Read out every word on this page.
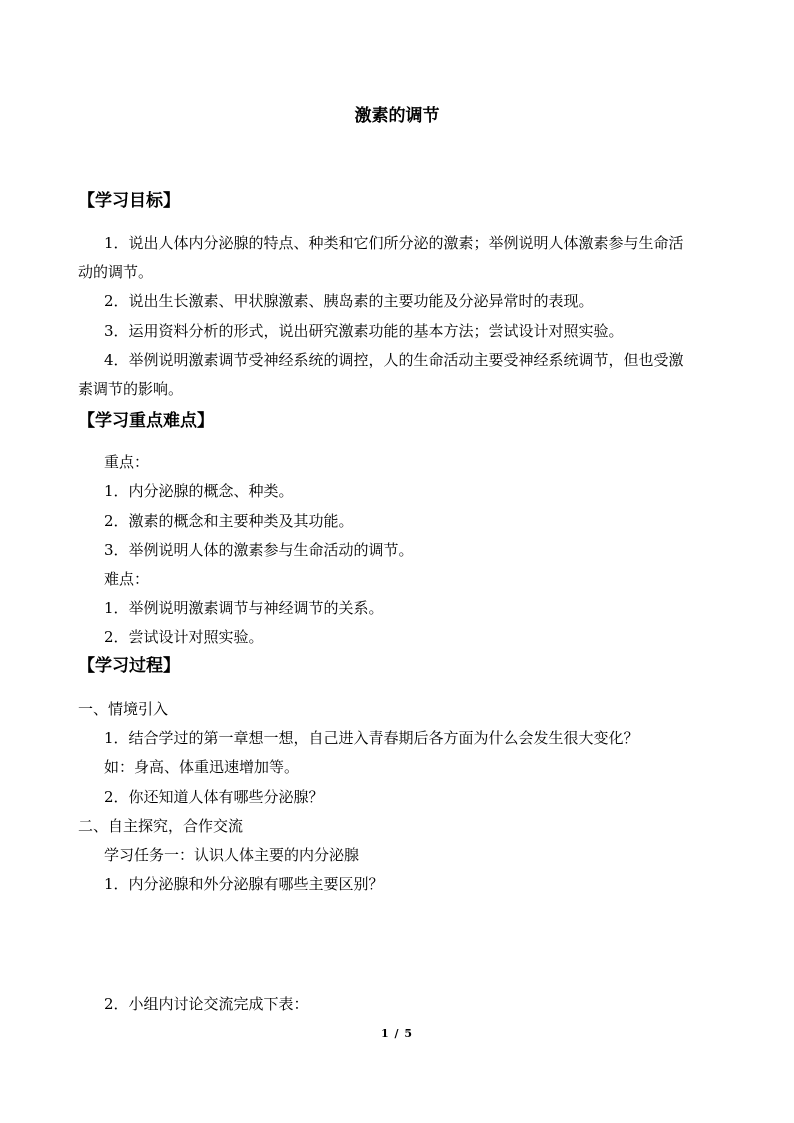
激素的调节
【学习目标】
1．说出人体内分泌腺的特点、种类和它们所分泌的激素；举例说明人体激素参与生命活
动的调节。
2．说出生长激素、甲状腺激素、胰岛素的主要功能及分泌异常时的表现。
3．运用资料分析的形式，说出研究激素功能的基本方法；尝试设计对照实验。
4．举例说明激素调节受神经系统的调控，人的生命活动主要受神经系统调节，但也受激
素调节的影响。
【学习重点难点】
重点：
1．内分泌腺的概念、种类。
2．激素的概念和主要种类及其功能。
3．举例说明人体的激素参与生命活动的调节。
难点：
1．举例说明激素调节与神经调节的关系。
2．尝试设计对照实验。
【学习过程】
一、情境引入
1．结合学过的第一章想一想，自己进入青春期后各方面为什么会发生很大变化？
如：身高、体重迅速增加等。
2．你还知道人体有哪些分泌腺？
二、自主探究，合作交流
学习任务一：认识人体主要的内分泌腺
1．内分泌腺和外分泌腺有哪些主要区别？
2．小组内讨论交流完成下表：
1 / 5
